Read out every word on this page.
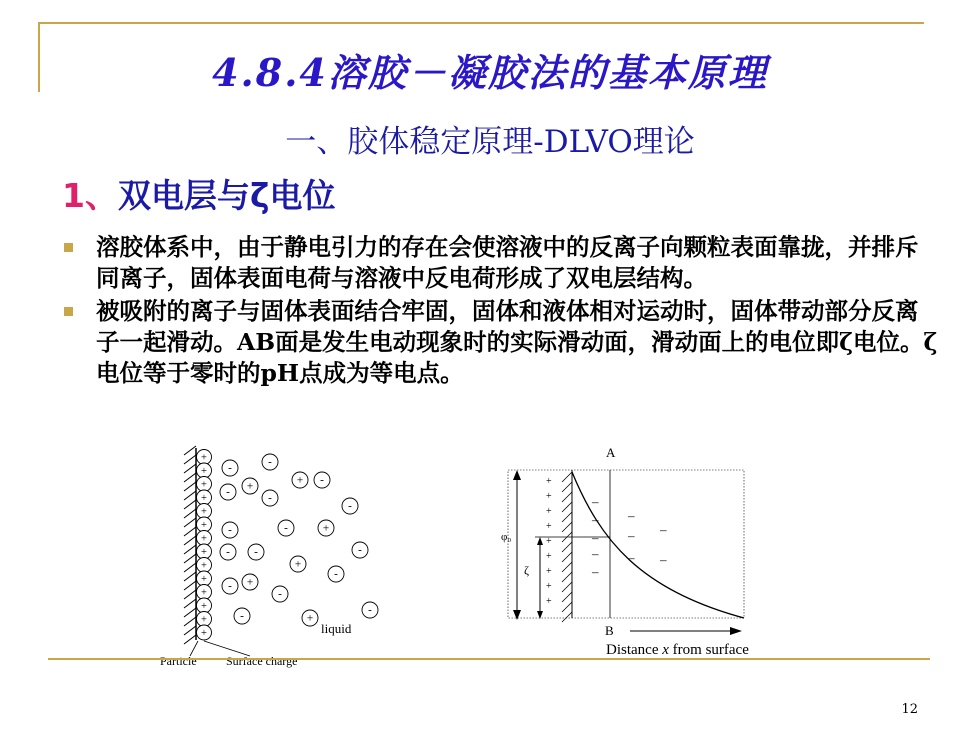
4.8.4溶胶－凝胶法的基本原理
一、胶体稳定原理-DLVO理论
1、双电层与ζ电位
溶胶体系中，由于静电引力的存在会使溶液中的反离子向颗粒表面靠拢，并排斥同离子，固体表面电荷与溶液中反电荷形成了双电层结构。
被吸附的离子与固体表面结合牢固，固体和液体相对运动时，固体带动部分反离子一起滑动。AB面是发生电动现象时的实际滑动面，滑动面上的电位即ζ电位。ζ电位等于零时的pH点成为等电点。
+
+
+
+
+
+
+
+
+
+
+
+
+
+
-	-
+ -
+
-	-
-
-	-	+
- -
+
-
-
+
-
-
-	+
-
liquid
Particle Surface charge
+
+
+
+
+
+
+
+
+
–
–
–
–
–
–
–
–
–
–
φ₀
ζ
A
B
Distance x from surface
12
